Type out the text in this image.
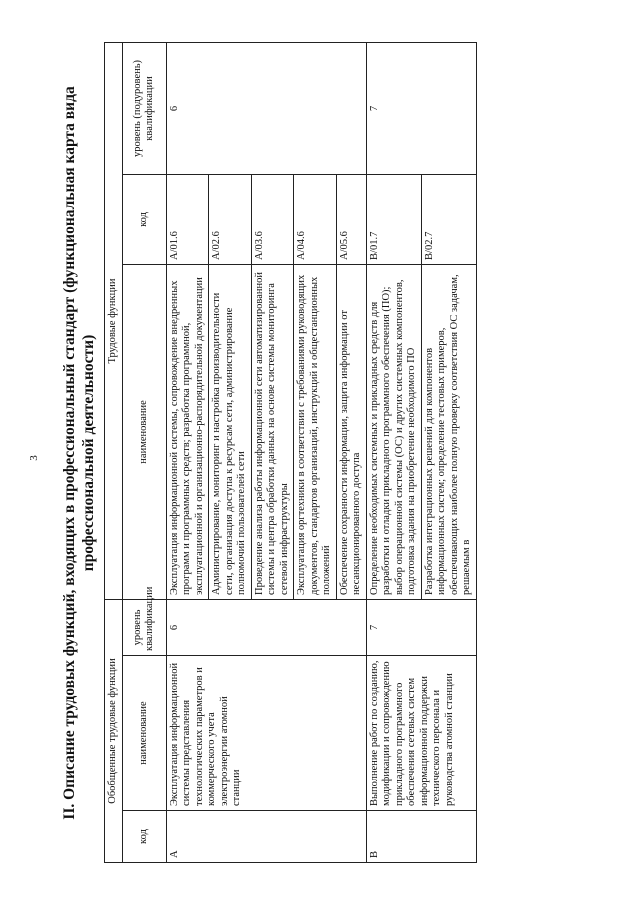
3 II. Описание трудовых функций, входящих в профессиональный стандарт (функциональная карта вида профессиональной деятельности)
Обобщенные трудовые функции			Трудовые функции		
код	наименование	уровень квалификации	наименование	код	уровень (подуровень) квалификации
A	Эксплуатация информационной системы представления технологических параметров и коммерческого учета электроэнергии атомной станции	6	Эксплуатация информационной системы, сопровождение внедренных программ и программных средств; разработка программной, эксплуатационной и организационно-распорядительной документации	A/01.6	6
			Администрирование, мониторинг и настройка производительности сети, организация доступа к ресурсам сети, администрирование полномочий пользователей сети	A/02.6	
			Проведение анализа работы информационной сети автоматизированной системы и центра обработки данных на основе системы мониторинга сетевой инфраструктуры	A/03.6	
			Эксплуатация оргтехники в соответствии с требованиями руководящих документов, стандартов организаций, инструкций и общестанционных положений	A/04.6	
			Обеспечение сохранности информации, защита информации от несанкционированного доступа	A/05.6	
B	Выполнение работ по созданию, модификации и сопровождению прикладного программного обеспечения сетевых систем информационной поддержки технического персонала и руководства атомной станции	7	Определение необходимых системных и прикладных средств для разработки и отладки прикладного программного обеспечения (ПО); выбор операционной системы (ОС) и других системных компонентов, подготовка задания на приобретение необходимого ПО	B/01.7	7
			Разработка интеграционных решений для компонентов информационных систем; определение тестовых примеров, обеспечивающих наиболее полную проверку соответствия ОС задачам, решаемым в	B/02.7	
